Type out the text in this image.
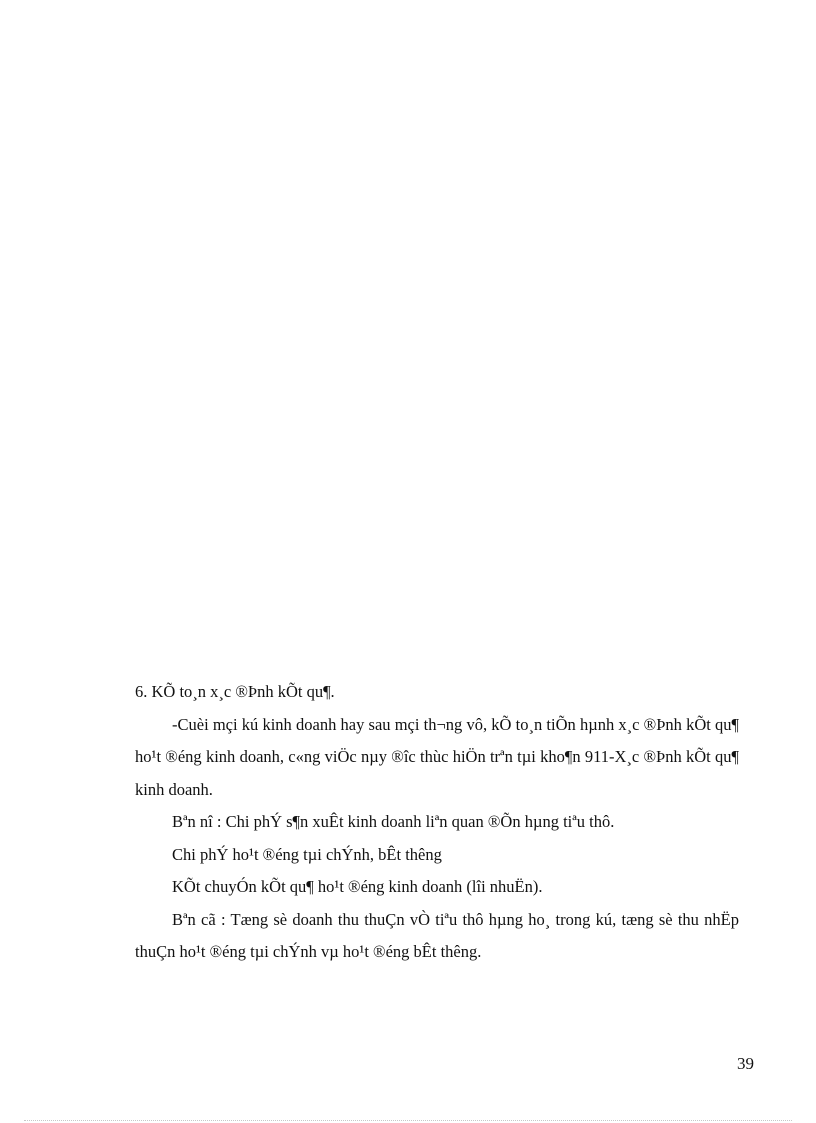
6. KÕ to¸n x¸c ®Þnh kÕt qu¶.

-Cuèi mçi kú kinh doanh hay sau mçi th¬ng vô, kÕ to¸n tiÕn hµnh x¸c ®Þnh kÕt qu¶ ho¹t ®éng kinh doanh, c«ng viÖc nµy ®îc thùc hiÖn trªn tµi kho¶n 911-X¸c ®Þnh kÕt qu¶ kinh doanh.

Bªn nî : Chi phÝ s¶n xuÊt kinh doanh liªn quan ®Õn hµng tiªu thô.

Chi phÝ ho¹t ®éng tµi chÝnh, bÊt thêng

KÕt chuyÓn kÕt qu¶ ho¹t ®éng kinh doanh (lîi nhuËn).

Bªn cã : Tæng sè doanh thu thuÇn vÒ tiªu thô hµng ho¸ trong kú, tæng sè thu nhËp thuÇn ho¹t ®éng tµi chÝnh vµ ho¹t ®éng bÊt thêng.

39
